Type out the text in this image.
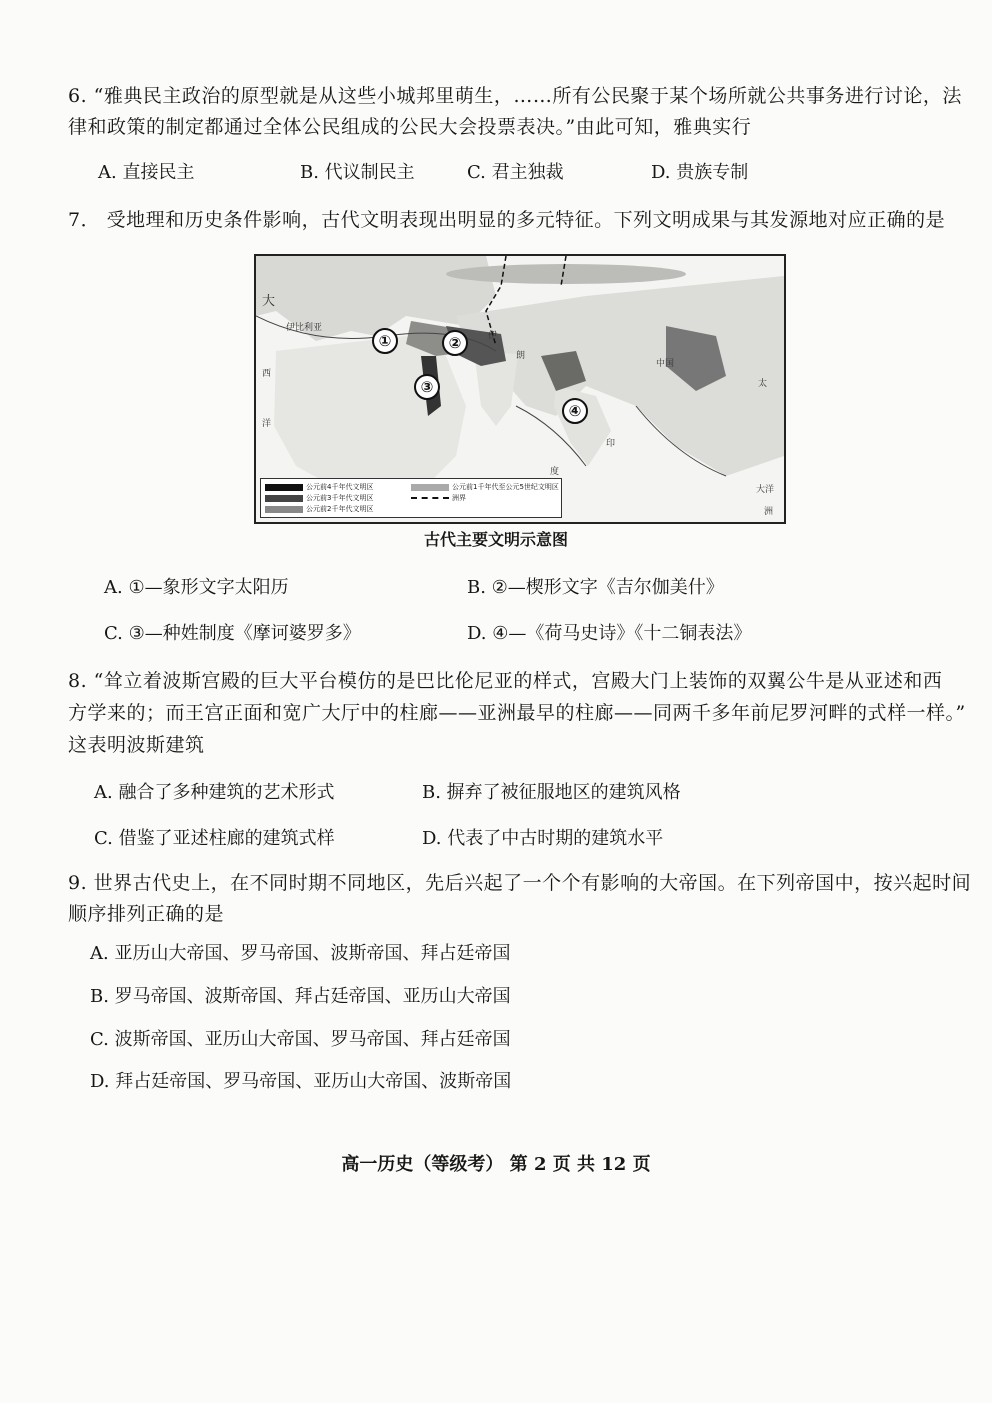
6. “雅典民主政治的原型就是从这些小城邦里萌生，……所有公民聚于某个场所就公共事务进行讨论，法
律和政策的制定都通过全体公民组成的公民大会投票表决。”由此可知，雅典实行
A. 直接民主	B. 代议制民主	C. 君主独裁	D. 贵族专制
7． 受地理和历史条件影响，古代文明表现出明显的多元特征。下列文明成果与其发源地对应正确的是
①	②
③
④
大
伊比利亚
西
洋
伊
朗
中国
印
度
太
大洋
洲
公元前4千年代文明区
公元前3千年代文明区
公元前2千年代文明区
公元前1千年代至公元5世纪文明区
洲界
古代主要文明示意图
A. ①—象形文字太阳历	B. ②—楔形文字《吉尔伽美什》
C. ③—种姓制度《摩诃婆罗多》	D. ④—《荷马史诗》《十二铜表法》
8. “耸立着波斯宫殿的巨大平台模仿的是巴比伦尼亚的样式，宫殿大门上装饰的双翼公牛是从亚述和西
方学来的；而王宫正面和宽广大厅中的柱廊——亚洲最早的柱廊——同两千多年前尼罗河畔的式样一样。”
这表明波斯建筑
A. 融合了多种建筑的艺术形式	B. 摒弃了被征服地区的建筑风格
C. 借鉴了亚述柱廊的建筑式样	D. 代表了中古时期的建筑水平
9. 世界古代史上，在不同时期不同地区，先后兴起了一个个有影响的大帝国。在下列帝国中，按兴起时间
顺序排列正确的是
A. 亚历山大帝国、罗马帝国、波斯帝国、拜占廷帝国
B. 罗马帝国、波斯帝国、拜占廷帝国、亚历山大帝国
C. 波斯帝国、亚历山大帝国、罗马帝国、拜占廷帝国
D. 拜占廷帝国、罗马帝国、亚历山大帝国、波斯帝国
高一历史（等级考） 第 2 页 共 12 页
